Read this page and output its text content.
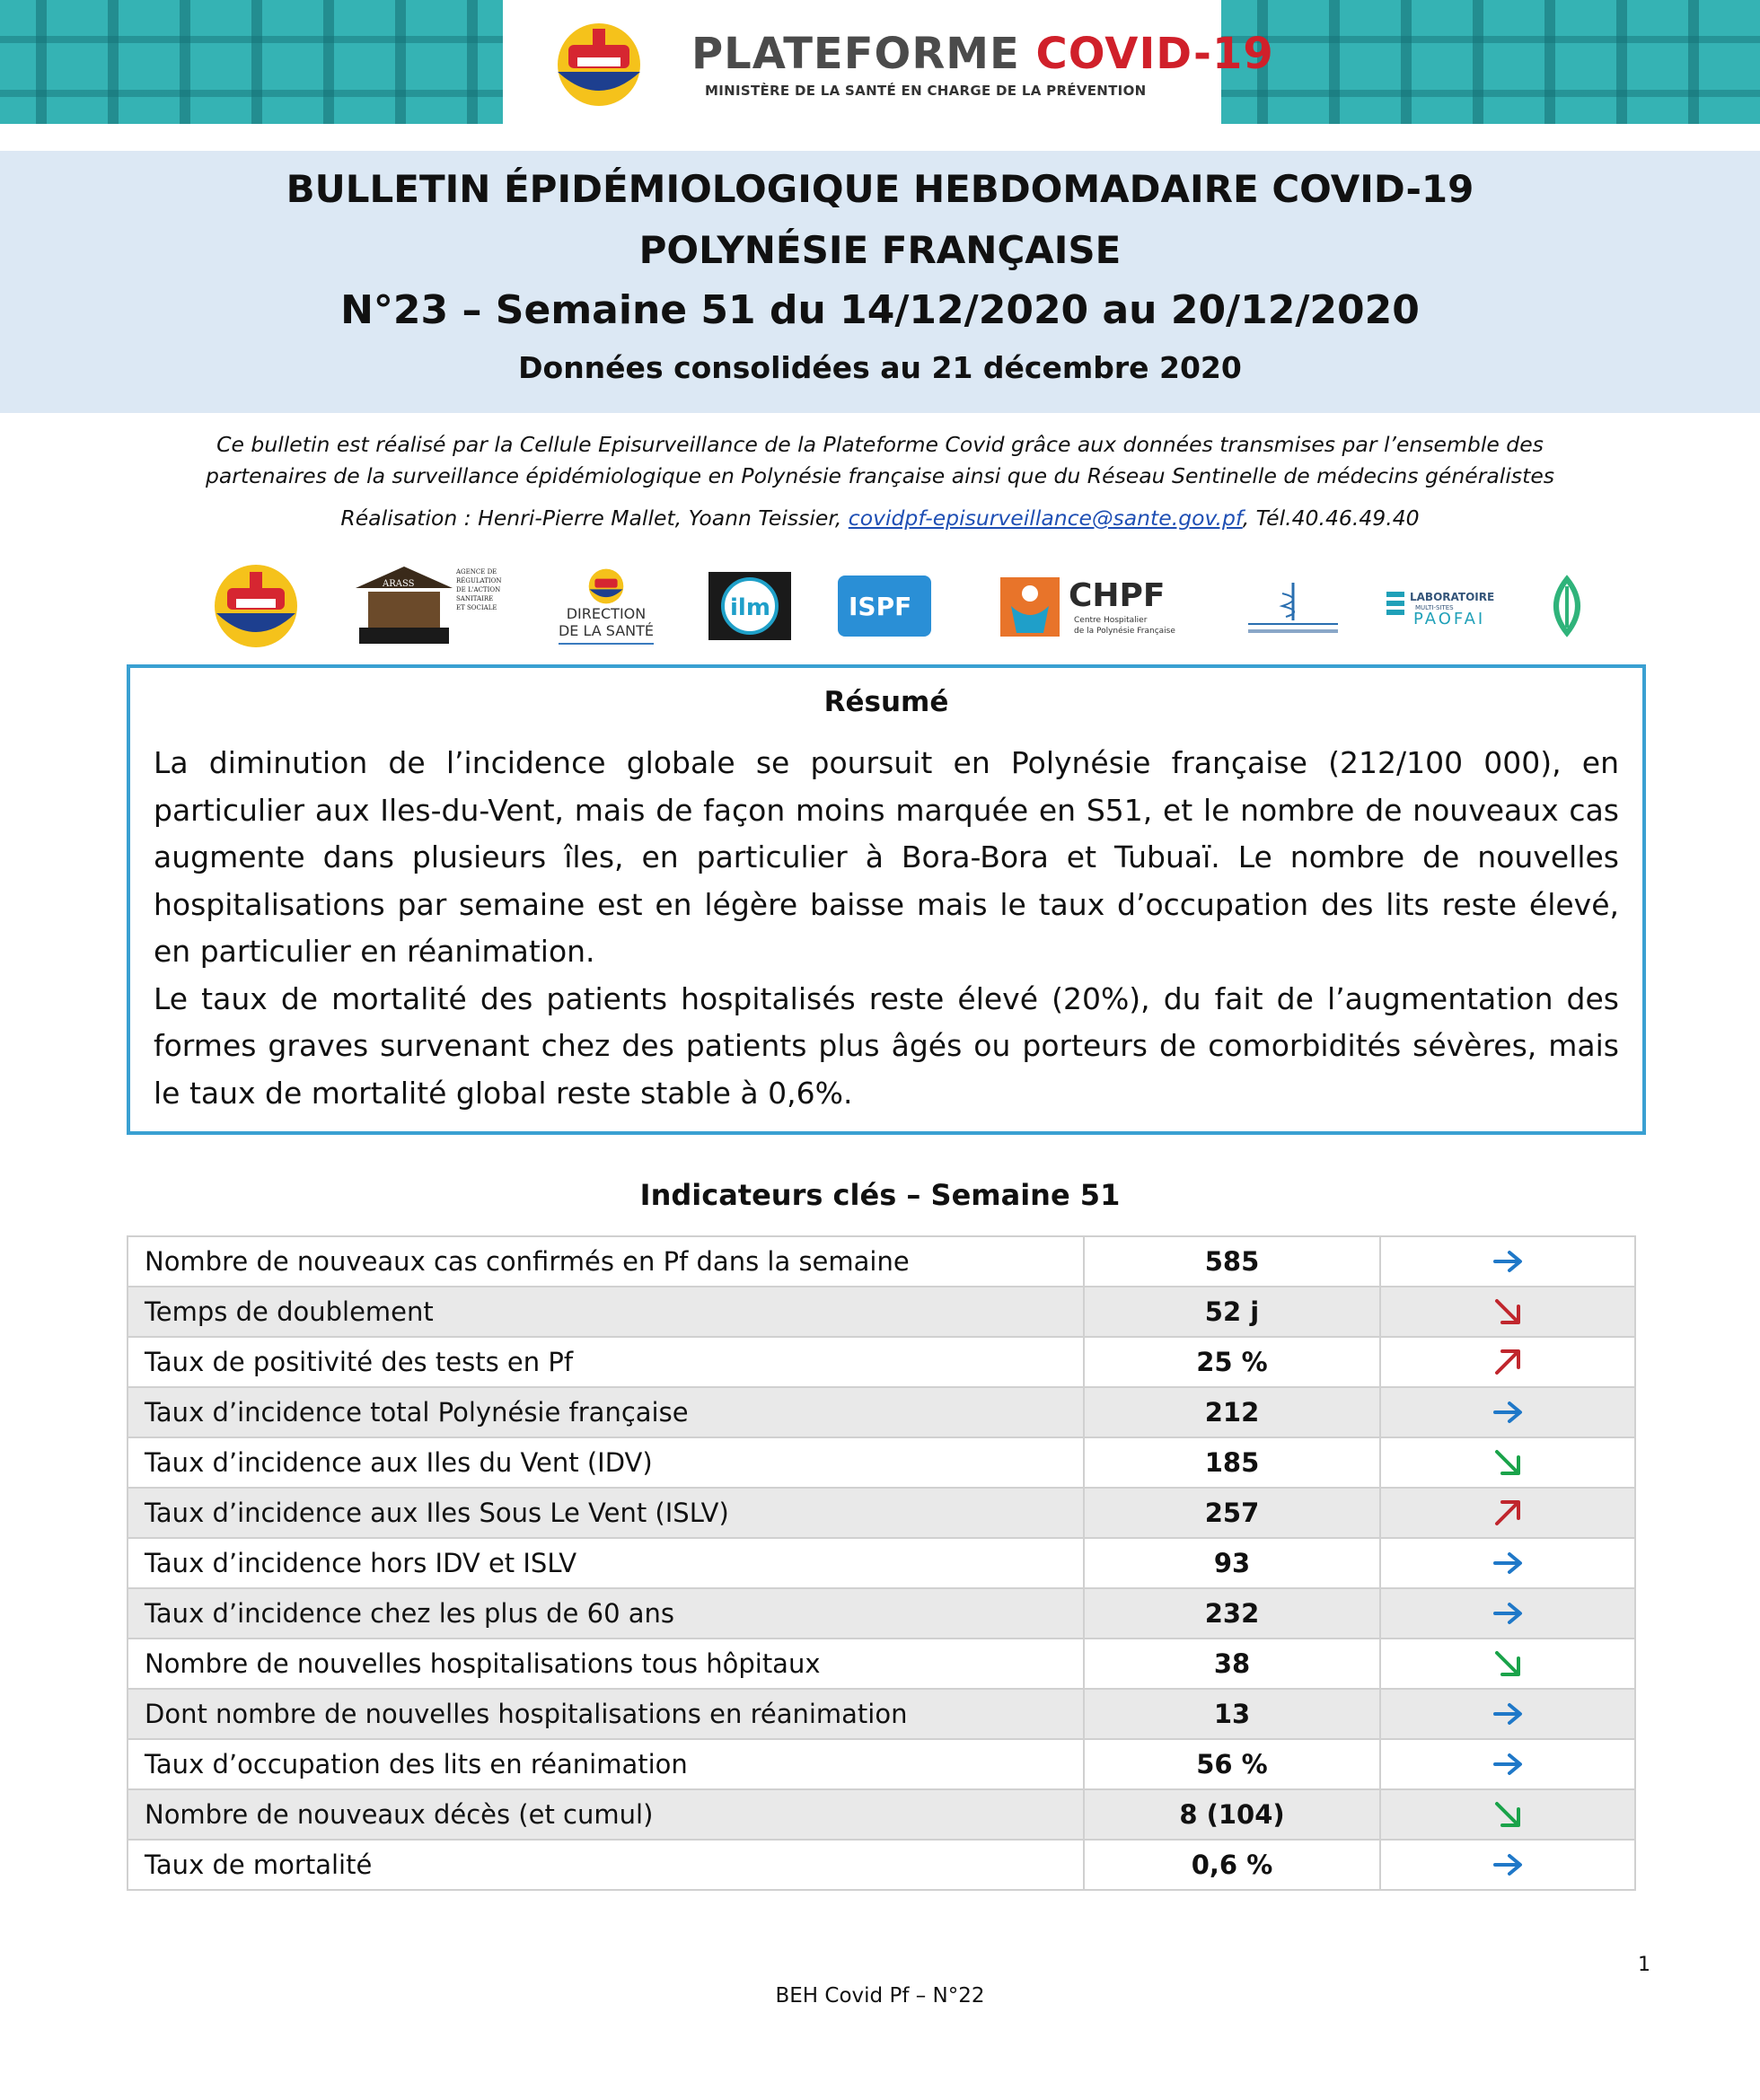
PLATEFORME COVID-19
MINISTÈRE DE LA SANTÉ EN CHARGE DE LA PRÉVENTION
BULLETIN ÉPIDÉMIOLOGIQUE HEBDOMADAIRE COVID-19
POLYNÉSIE FRANÇAISE
N°23 – Semaine 51 du 14/12/2020 au 20/12/2020
Données consolidées au 21 décembre 2020
Ce bulletin est réalisé par la Cellule Episurveillance de la Plateforme Covid grâce aux données transmises par l’ensemble des
partenaires de la surveillance épidémiologique en Polynésie française ainsi que du Réseau Sentinelle de médecins généralistes
Réalisation : Henri-Pierre Mallet, Yoann Teissier, covidpf-episurveillance@sante.gov.pf, Tél.40.46.49.40
ARASS
AGENCE DE
RÉGULATION
DE L'ACTION
SANITAIRE
ET SOCIALE	DIRECTION
DE LA SANTÉ
ilm	ISPF	CHPF
Centre Hospitalier
de la Polynésie Française
LABORATOIRE
MULTI-SITES
PAOFAI
Résumé
La diminution de l’incidence globale se poursuit en Polynésie française (212/100 000), en particulier aux Iles-du-Vent, mais de façon moins marquée en S51, et le nombre de nouveaux cas augmente dans plusieurs îles, en particulier à Bora-Bora et Tubuaï. Le nombre de nouvelles hospitalisations par semaine est en légère baisse mais le taux d’occupation des lits reste élevé, en particulier en réanimation.
Le taux de mortalité des patients hospitalisés reste élevé (20%), du fait de l’augmentation des formes graves survenant chez des patients plus âgés ou porteurs de comorbidités sévères, mais le taux de mortalité global reste stable à 0,6%.
Indicateurs clés – Semaine 51
Nombre de nouveaux cas confirmés en Pf dans la semaine	585	
Temps de doublement	52 j	
Taux de positivité des tests en Pf	25 %	
Taux d’incidence total Polynésie française	212	
Taux d’incidence aux Iles du Vent (IDV)	185	
Taux d’incidence aux Iles Sous Le Vent (ISLV)	257	
Taux d’incidence hors IDV et ISLV	93	
Taux d’incidence chez les plus de 60 ans	232	
Nombre de nouvelles hospitalisations tous hôpitaux	38	
Dont nombre de nouvelles hospitalisations en réanimation	13	
Taux d’occupation des lits en réanimation	56 %	
Nombre de nouveaux décès (et cumul)	8 (104)	
Taux de mortalité	0,6 %	
1
BEH Covid Pf – N°22
